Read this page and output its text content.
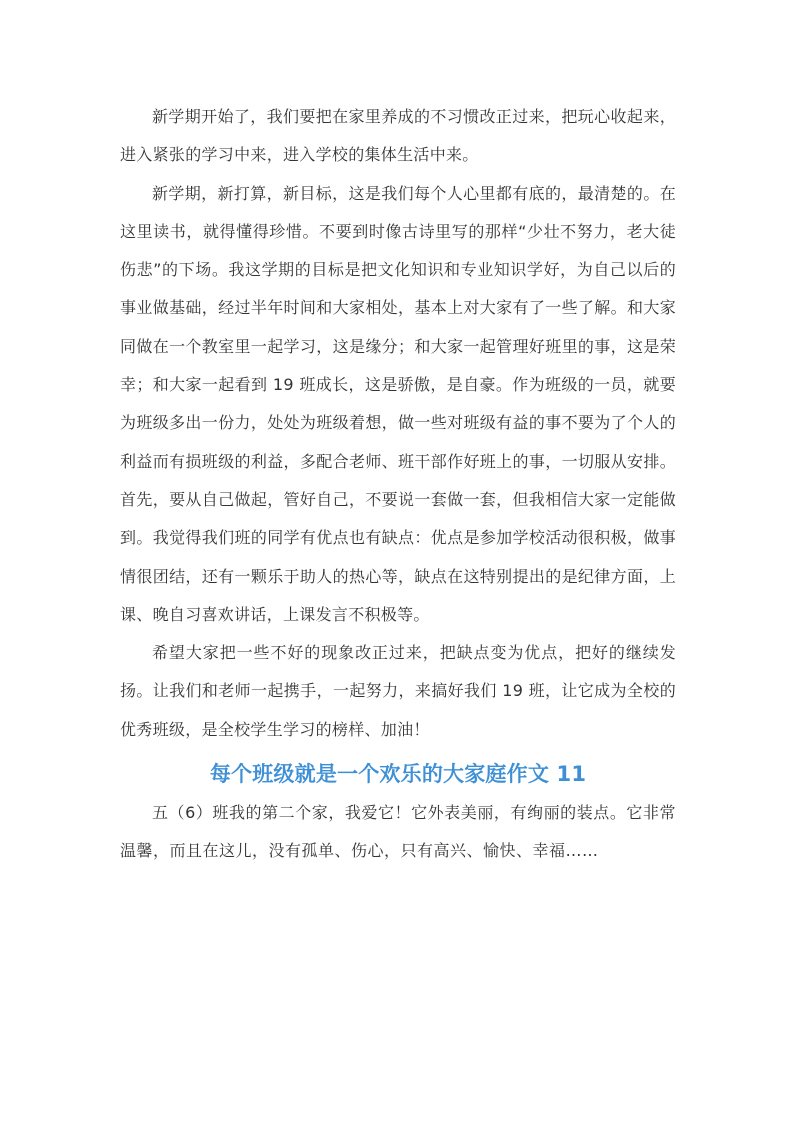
新学期开始了，我们要把在家里养成的不习惯改正过来，把玩心收起来，进入紧张的学习中来，进入学校的集体生活中来。

新学期，新打算，新目标，这是我们每个人心里都有底的，最清楚的。在这里读书，就得懂得珍惜。不要到时像古诗里写的那样“少壮不努力，老大徒伤悲”的下场。我这学期的目标是把文化知识和专业知识学好，为自己以后的事业做基础，经过半年时间和大家相处，基本上对大家有了一些了解。和大家同做在一个教室里一起学习，这是缘分；和大家一起管理好班里的事，这是荣幸；和大家一起看到 19 班成长，这是骄傲，是自豪。作为班级的一员，就要为班级多出一份力，处处为班级着想，做一些对班级有益的事不要为了个人的利益而有损班级的利益，多配合老师、班干部作好班上的事，一切服从安排。首先，要从自己做起，管好自己，不要说一套做一套，但我相信大家一定能做到。我觉得我们班的同学有优点也有缺点：优点是参加学校活动很积极，做事情很团结，还有一颗乐于助人的热心等，缺点在这特别提出的是纪律方面，上课、晚自习喜欢讲话，上课发言不积极等。

希望大家把一些不好的现象改正过来，把缺点变为优点，把好的继续发扬。让我们和老师一起携手，一起努力，来搞好我们 19 班，让它成为全校的优秀班级，是全校学生学习的榜样、加油！

每个班级就是一个欢乐的大家庭作文 11

五（6）班我的第二个家，我爱它！它外表美丽，有绚丽的装点。它非常温馨，而且在这儿，没有孤单、伤心，只有高兴、愉快、幸福……
